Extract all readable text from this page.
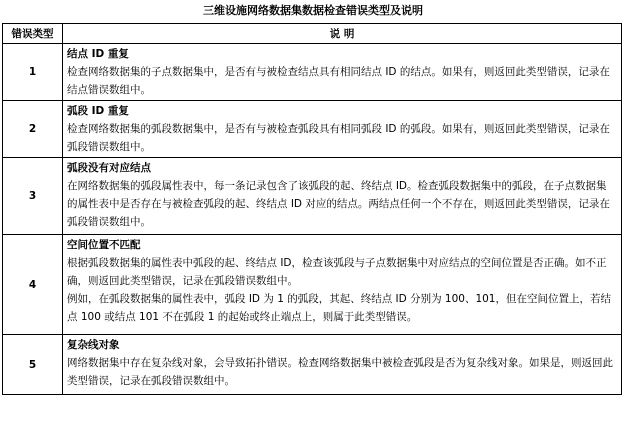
三维设施网络数据集数据检查错误类型及说明
错误类型	说 明
1	结点 ID 重复
检查网络数据集的子点数据集中，是否有与被检查结点具有相同结点 ID 的结点。如果有，则返回此类型错误，记录在结点错误数组中。

2	弧段 ID 重复
检查网络数据集的弧段数据集中，是否有与被检查弧段具有相同弧段 ID 的弧段。如果有，则返回此类型错误，记录在弧段错误数组中。

3	弧段没有对应结点
在网络数据集的弧段属性表中，每一条记录包含了该弧段的起、终结点 ID。检查弧段数据集中的弧段，在子点数据集的属性表中是否存在与被检查弧段的起、终结点 ID 对应的结点。两结点任何一个不存在，则返回此类型错误，记录在弧段错误数组中。

4	空间位置不匹配
根据弧段数据集的属性表中弧段的起、终结点 ID，检查该弧段与子点数据集中对应结点的空间位置是否正确。如不正确，则返回此类型错误，记录在弧段错误数组中。
例如，在弧段数据集的属性表中，弧段 ID 为 1 的弧段，其起、终结点 ID 分别为 100、101，但在空间位置上，若结点 100 或结点 101 不在弧段 1 的起始或终止端点上，则属于此类型错误。

5	复杂线对象
网络数据集中存在复杂线对象，会导致拓扑错误。检查网络数据集中被检查弧段是否为复杂线对象。如果是，则返回此类型错误，记录在弧段错误数组中。
